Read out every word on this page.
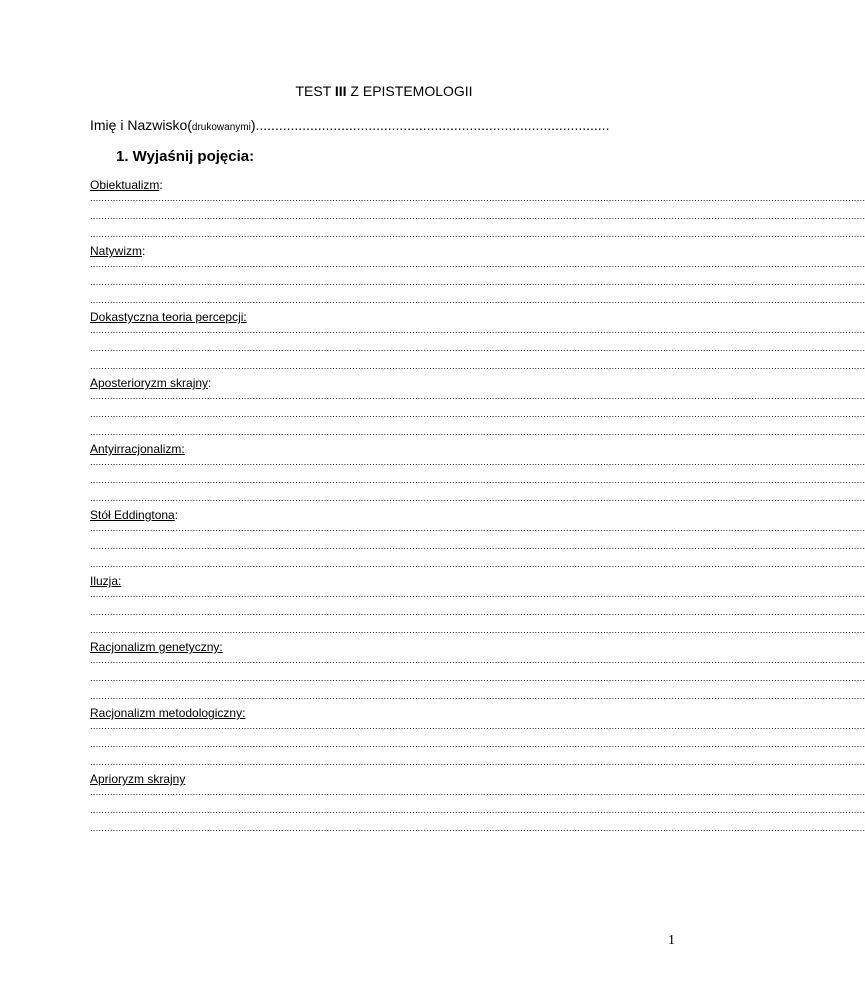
TEST III Z EPISTEMOLOGII
Imię i Nazwisko(drukowanymi)...........................................................................................
1. Wyjaśnij pojęcia:
Obiektualizm:
................................................................................................................................................................................................................................................................................
................................................................................................................................................................................................................................................................................
................................................................................................................................................................................................................................................................................
Natywizm:
................................................................................................................................................................................................................................................................................
................................................................................................................................................................................................................................................................................
................................................................................................................................................................................................................................................................................
Dokastyczna teoria percepcji:
................................................................................................................................................................................................................................................................................
................................................................................................................................................................................................................................................................................
................................................................................................................................................................................................................................................................................
Aposterioryzm skrajny:
................................................................................................................................................................................................................................................................................
................................................................................................................................................................................................................................................................................
................................................................................................................................................................................................................................................................................
Antyirracjonalizm:
................................................................................................................................................................................................................................................................................
................................................................................................................................................................................................................................................................................
................................................................................................................................................................................................................................................................................
Stół Eddingtona:
................................................................................................................................................................................................................................................................................
................................................................................................................................................................................................................................................................................
................................................................................................................................................................................................................................................................................
Iluzja:
................................................................................................................................................................................................................................................................................
................................................................................................................................................................................................................................................................................
................................................................................................................................................................................................................................................................................
Racjonalizm genetyczny:
................................................................................................................................................................................................................................................................................
................................................................................................................................................................................................................................................................................
................................................................................................................................................................................................................................................................................
Racjonalizm metodologiczny:
................................................................................................................................................................................................................................................................................
................................................................................................................................................................................................................................................................................
................................................................................................................................................................................................................................................................................
Aprioryzm skrajny
................................................................................................................................................................................................................................................................................
................................................................................................................................................................................................................................................................................
................................................................................................................................................................................................................................................................................
1
